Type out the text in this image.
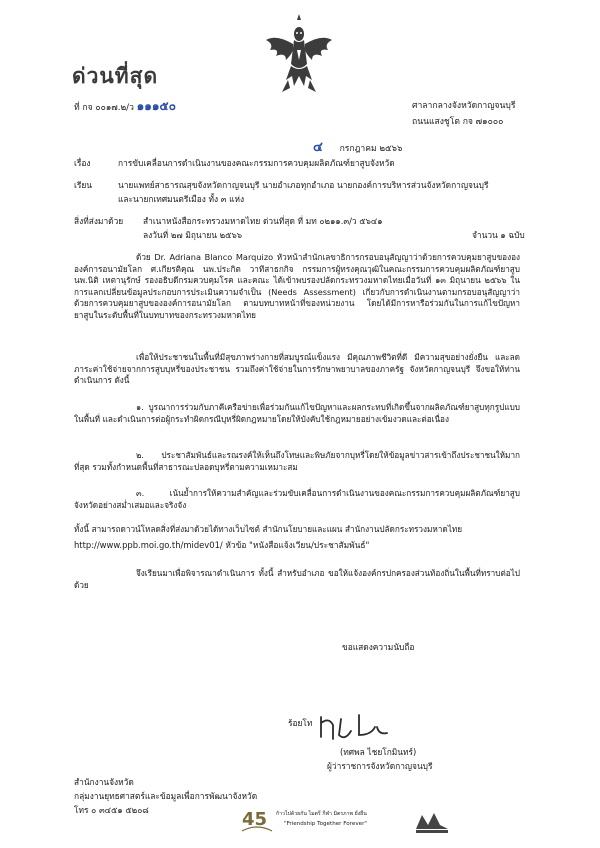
ด่วนที่สุด
ที่ กจ ๐๐๑๗.๒/ว ๑๑๑๕๐	ศาลากลางจังหวัดกาญจนบุรี
ถนนแสงชูโต กจ ๗๑๐๐๐
๔ กรกฎาคม ๒๕๖๖
เรื่อง	การขับเคลื่อนการดำเนินงานของคณะกรรมการควบคุมผลิตภัณฑ์ยาสูบจังหวัด
เรียน	นายแพทย์สาธารณสุขจังหวัดกาญจนบุรี นายอำเภอทุกอำเภอ นายกองค์การบริหารส่วนจังหวัดกาญจนบุรี
และนายกเทศมนตรีเมือง ทั้ง ๓ แห่ง
สิ่งที่ส่งมาด้วย สำเนาหนังสือกระทรวงมหาดไทย ด่วนที่สุด ที่ มท ๐๒๑๑.๓/ว ๕๖๔๑
ลงวันที่ ๒๗ มิถุนายน ๒๕๖๖	จำนวน ๑ ฉบับ
ด้วย Dr. Adriana Blanco Marquizo หัวหน้าสำนักเลขาธิการกรอบอนุสัญญาว่าด้วยการควบคุมยาสูบของององค์การอนามัยโลก ศ.เกียรติคุณ นพ.ประกิต วาทีสาธกกิจ กรรมการผู้ทรงคุณวุฒิในคณะกรรมการควบคุมผลิตภัณฑ์ยาสูบ นพ.นิติ เหตานุรักษ์ รองอธิบดีกรมควบคุมโรค และคณะ ได้เข้าพบรองปลัดกระทรวงมหาดไทยเมื่อวันที่ ๑๓ มิถุนายน ๒๕๖๖ ในการแลกเปลี่ยนข้อมูลประกอบการประเมินความจำเป็น (Needs Assessment) เกี่ยวกับการดำเนินงานตามกรอบอนุสัญญาว่าด้วยการควบคุมยาสูบขององค์การอนามัยโลก ตามบทบาทหน้าที่ของหน่วยงาน โดยได้มีการหารือร่วมกันในการแก้ไขปัญหายาสูบในระดับพื้นที่ในบทบาทของกระทรวงมหาดไทย
เพื่อให้ประชาชนในพื้นที่มีสุขภาพร่างกายที่สมบูรณ์แข็งแรง มีคุณภาพชีวิตที่ดี มีความสุขอย่างยั่งยืน และลดภาระค่าใช้จ่ายจากการสูบบุหรี่ของประชาชน รวมถึงค่าใช้จ่ายในการรักษาพยาบาลของภาครัฐ จังหวัดกาญจนบุรี จึงขอให้ท่านดำเนินการ ดังนี้
๑. บูรณาการร่วมกับภาคีเครือข่ายเพื่อร่วมกันแก้ไขปัญหาและผลกระทบที่เกิดขึ้นจากผลิตภัณฑ์ยาสูบทุกรูปแบบในพื้นที่ และดำเนินการต่อผู้กระทำผิดกรณีบุหรี่ผิดกฎหมายโดยให้บังคับใช้กฎหมายอย่างเข้มงวดและต่อเนื่อง
๒. ประชาสัมพันธ์และรณรงค์ให้เห็นถึงโทษและพิษภัยจากบุหรี่โดยให้ข้อมูลข่าวสารเข้าถึงประชาชนให้มากที่สุด รวมทั้งกำหนดพื้นที่สาธารณะปลอดบุหรี่ตามความเหมาะสม
๓. เน้นย้ำการให้ความสำคัญและร่วมขับเคลื่อนการดำเนินงานของคณะกรรมการควบคุมผลิตภัณฑ์ยาสูบจังหวัดอย่างสม่ำเสมอและจริงจัง
ทั้งนี้ สามารถดาวน์โหลดสิ่งที่ส่งมาด้วยได้ทางเว็บไซต์ สำนักนโยบายและแผน สำนักงานปลัดกระทรวงมหาดไทย
http://www.ppb.moi.go.th/midev01/ หัวข้อ "หนังสือแจ้งเวียน/ประชาสัมพันธ์"
จึงเรียนมาเพื่อพิจารณาดำเนินการ ทั้งนี้ สำหรับอำเภอ ขอให้แจ้งองค์กรปกครองส่วนท้องถิ่นในพื้นที่ทราบต่อไปด้วย
ขอแสดงความนับถือ
ร้อยโท
(ทศพล ไชยโกมินทร์)
ผู้ว่าราชการจังหวัดกาญจนบุรี
สำนักงานจังหวัด
กลุ่มงานยุทธศาสตร์และข้อมูลเพื่อการพัฒนาจังหวัด
โทร ๐ ๓๔๕๑ ๕๒๐๘	45 ก้าวไปด้วยกัน ไมตรี กีฬา มิตรภาพ ยั่งยืน
"Friendship Together Forever"
